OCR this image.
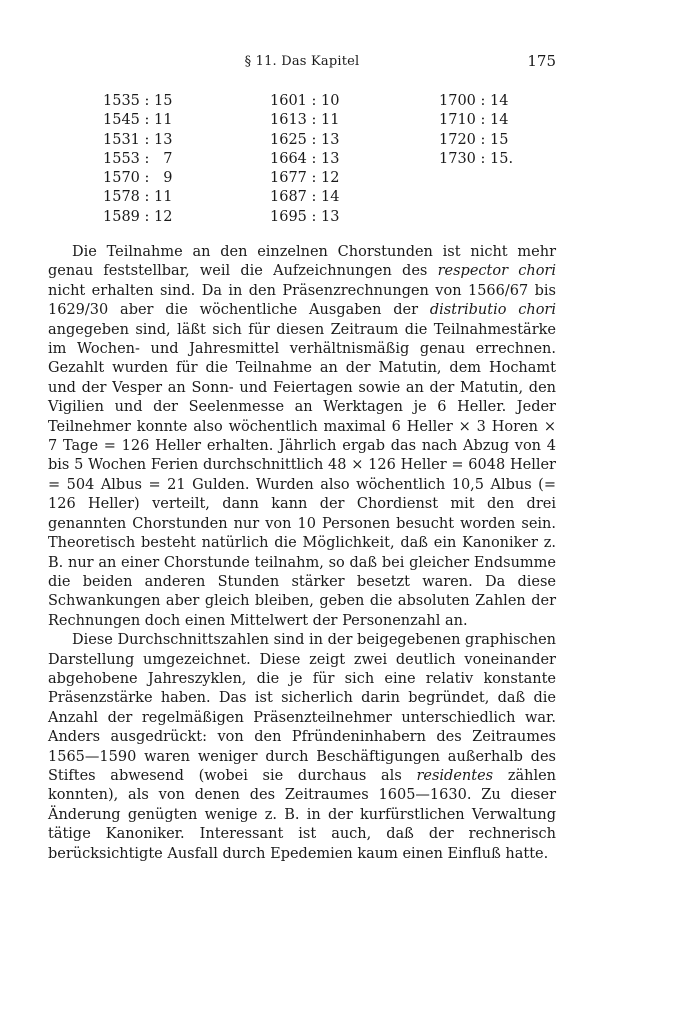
§ 11. Das Kapitel	175
1535 : 15
1545 : 11
1531 : 13
1553 :   7
1570 :   9
1578 : 11
1589 : 12
1601 : 10
1613 : 11
1625 : 13
1664 : 13
1677 : 12
1687 : 14
1695 : 13
1700 : 14
1710 : 14
1720 : 15
1730 : 15.

Die Teilnahme an den einzelnen Chorstunden ist nicht mehr genau feststellbar, weil die Aufzeichnungen des respector chori nicht erhalten sind. Da in den Präsenzrechnungen von 1566/67 bis 1629/30 aber die wöchentliche Ausgaben der distributio chori angegeben sind, läßt sich für diesen Zeitraum die Teilnahmestärke im Wochen- und Jahresmittel verhältnismäßig genau errechnen. Gezahlt wurden für die Teilnahme an der Matutin, dem Hochamt und der Vesper an Sonn- und Feiertagen sowie an der Matutin, den Vigilien und der Seelenmesse an Werktagen je 6 Heller. Jeder Teilnehmer konnte also wöchentlich maximal 6 Heller × 3 Horen × 7 Tage = 126 Heller erhalten. Jährlich ergab das nach Abzug von 4 bis 5 Wochen Ferien durchschnittlich 48 × 126 Heller = 6048 Heller = 504 Albus = 21 Gulden. Wurden also wöchentlich 10,5 Albus (= 126 Heller) verteilt, dann kann der Chordienst mit den drei genannten Chorstunden nur von 10 Personen besucht worden sein. Theoretisch besteht natürlich die Möglichkeit, daß ein Kanoniker z. B. nur an einer Chorstunde teilnahm, so daß bei gleicher Endsumme die beiden anderen Stunden stärker besetzt waren. Da diese Schwankungen aber gleich bleiben, geben die absoluten Zahlen der Rechnungen doch einen Mittelwert der Personenzahl an.

Diese Durchschnittszahlen sind in der beigegebenen graphischen Darstellung umgezeichnet. Diese zeigt zwei deutlich voneinander abgehobene Jahreszyklen, die je für sich eine relativ konstante Präsenzstärke haben. Das ist sicherlich darin begründet, daß die Anzahl der regelmäßigen Präsenzteilnehmer unterschiedlich war. Anders ausgedrückt: von den Pfründeninhabern des Zeitraumes 1565—1590 waren weniger durch Beschäftigungen außerhalb des Stiftes abwesend (wobei sie durchaus als residentes zählen konnten), als von denen des Zeitraumes 1605—1630. Zu dieser Änderung genügten wenige z. B. in der kurfürstlichen Verwaltung tätige Kanoniker. Interessant ist auch, daß der rechnerisch berücksichtigte Ausfall durch Epedemien kaum einen Einfluß hatte.
